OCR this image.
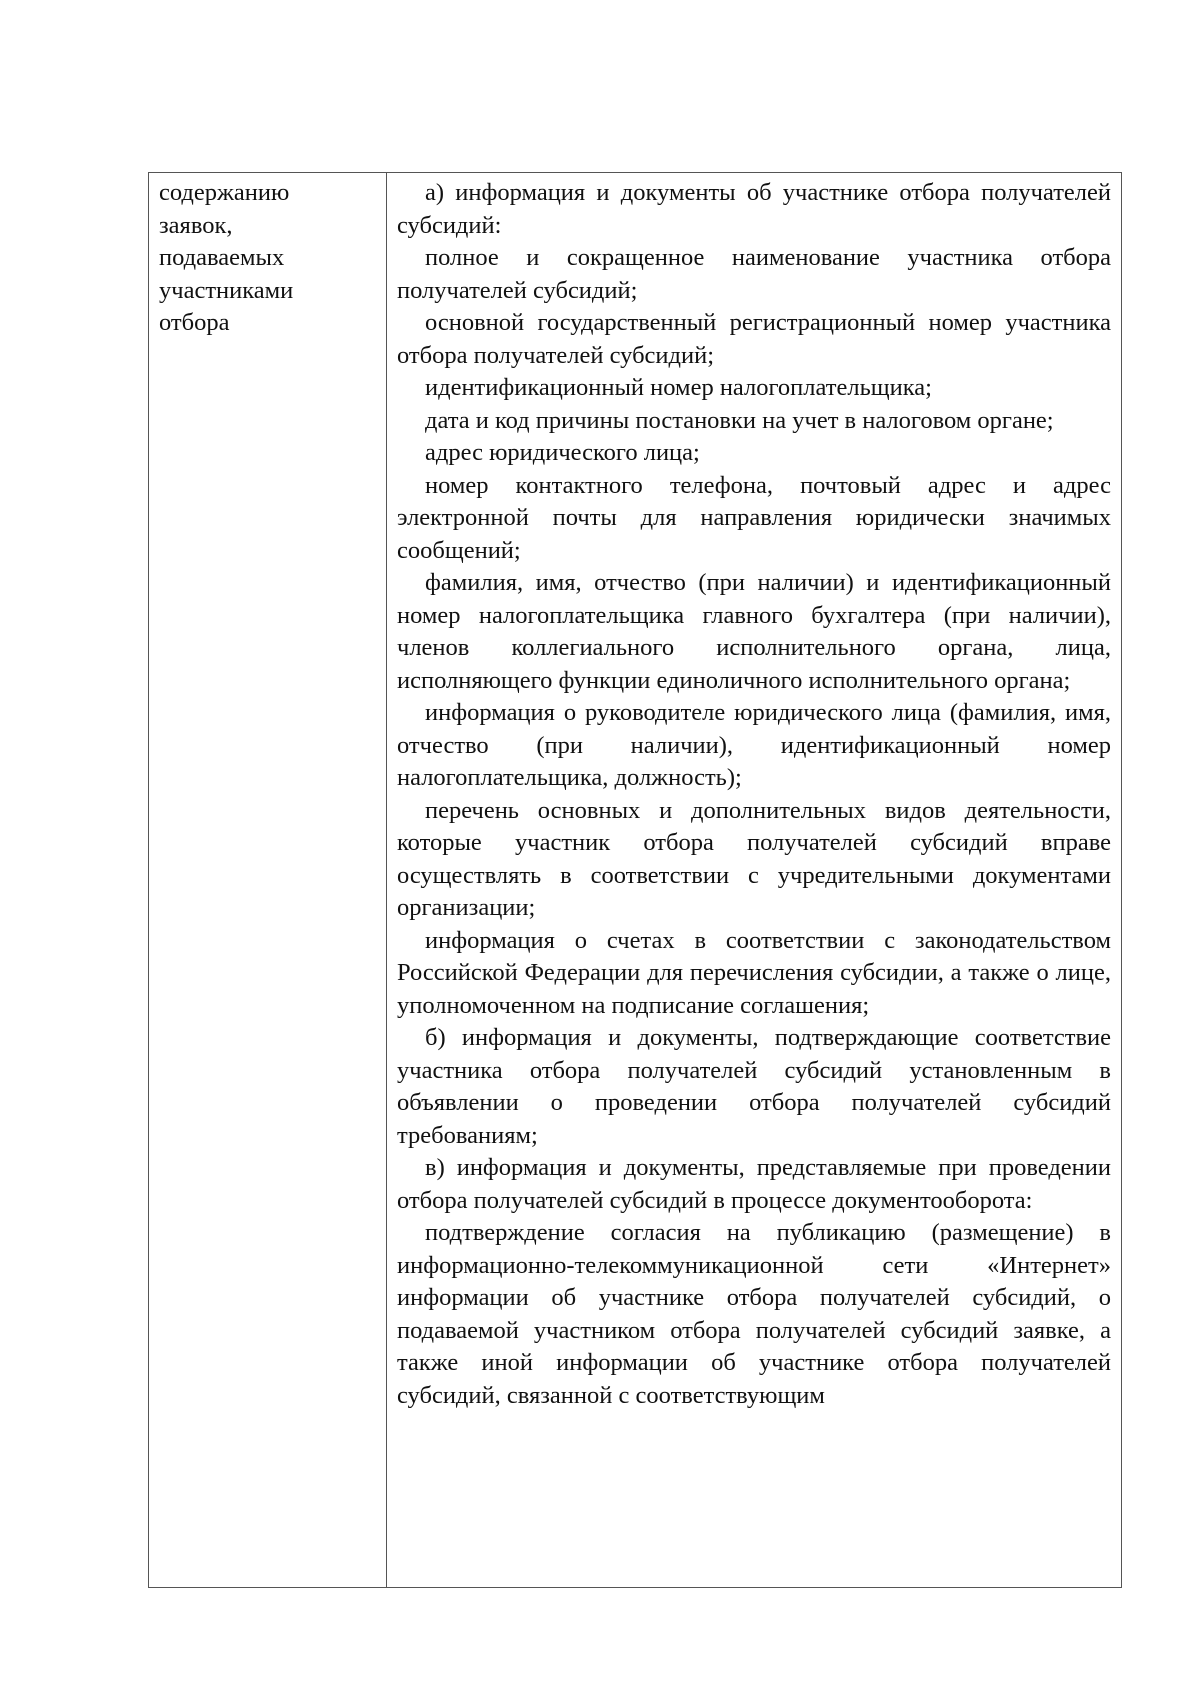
содержанию
заявок,
подаваемых
участниками
отбора

а) информация и документы об участнике отбора получателей субсидий:

полное и сокращенное наименование участника отбора получателей субсидий;

основной государственный регистрационный номер участника отбора получателей субсидий;

идентификационный номер налогоплательщика;

дата и код причины постановки на учет в налоговом органе;

адрес юридического лица;

номер контактного телефона, почтовый адрес и адрес электронной почты для направления юридически значимых сообщений;

фамилия, имя, отчество (при наличии) и идентификационный номер налогоплательщика главного бухгалтера (при наличии), членов коллегиального исполнительного органа, лица, исполняющего функции единоличного исполнительного органа;

информация о руководителе юридического лица (фамилия, имя, отчество (при наличии), идентификационный номер налогоплательщика, должность);

перечень основных и дополнительных видов деятельности, которые участник отбора получателей субсидий вправе осуществлять в соответствии с учредительными документами организации;

информация о счетах в соответствии с законодательством Российской Федерации для перечисления субсидии, а также о лице, уполномоченном на подписание соглашения;

б) информация и документы, подтверждающие соответствие участника отбора получателей субсидий установленным в объявлении о проведении отбора получателей субсидий требованиям;

в) информация и документы, представляемые при проведении отбора получателей субсидий в процессе документооборота:

подтверждение согласия на публикацию (размещение) в информационно-телекоммуникационной сети «Интернет» информации об участнике отбора получателей субсидий, о подаваемой участником отбора получателей субсидий заявке, а также иной информации об участнике отбора получателей субсидий, связанной с соответствующим
